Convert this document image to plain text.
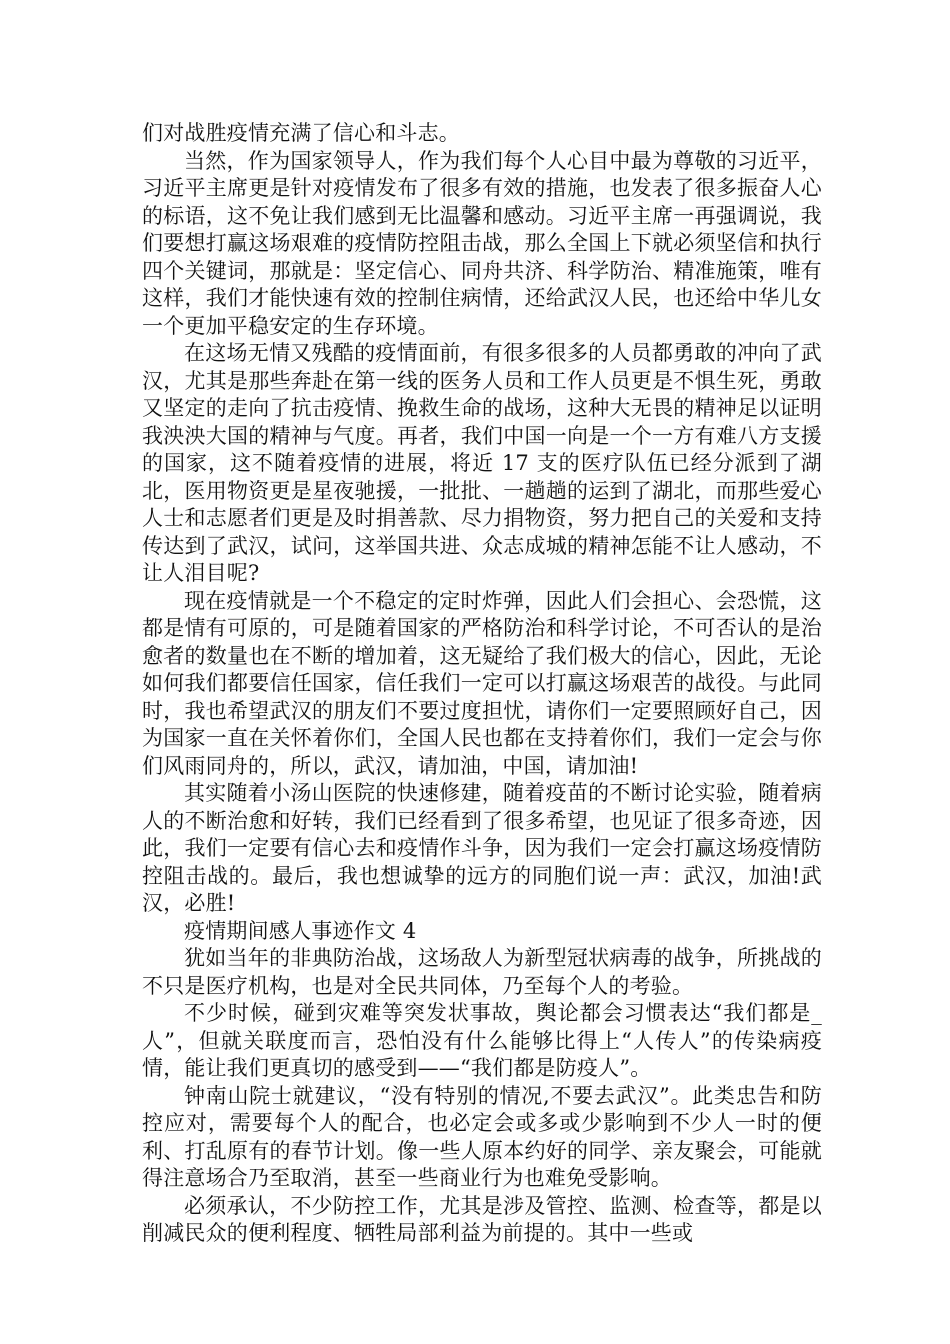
们对战胜疫情充满了信心和斗志。

当然，作为国家领导人，作为我们每个人心目中最为尊敬的习近平，习近平主席更是针对疫情发布了很多有效的措施，也发表了很多振奋人心的标语，这不免让我们感到无比温馨和感动。习近平主席一再强调说，我们要想打赢这场艰难的疫情防控阻击战，那么全国上下就必须坚信和执行四个关键词，那就是：坚定信心、同舟共济、科学防治、精准施策，唯有这样，我们才能快速有效的控制住病情，还给武汉人民，也还给中华儿女一个更加平稳安定的生存环境。

在这场无情又残酷的疫情面前，有很多很多的人员都勇敢的冲向了武汉，尤其是那些奔赴在第一线的医务人员和工作人员更是不惧生死，勇敢又坚定的走向了抗击疫情、挽救生命的战场，这种大无畏的精神足以证明我泱泱大国的精神与气度。再者，我们中国一向是一个一方有难八方支援的国家，这不随着疫情的进展，将近 17 支的医疗队伍已经分派到了湖北，医用物资更是星夜驰援，一批批、一趟趟的运到了湖北，而那些爱心人士和志愿者们更是及时捐善款、尽力捐物资，努力把自己的关爱和支持传达到了武汉，试问，这举国共进、众志成城的精神怎能不让人感动，不让人泪目呢?

现在疫情就是一个不稳定的定时炸弹，因此人们会担心、会恐慌，这都是情有可原的，可是随着国家的严格防治和科学讨论，不可否认的是治愈者的数量也在不断的增加着，这无疑给了我们极大的信心，因此，无论如何我们都要信任国家，信任我们一定可以打赢这场艰苦的战役。与此同时，我也希望武汉的朋友们不要过度担忧，请你们一定要照顾好自己，因为国家一直在关怀着你们，全国人民也都在支持着你们，我们一定会与你们风雨同舟的，所以，武汉，请加油，中国，请加油!

其实随着小汤山医院的快速修建，随着疫苗的不断讨论实验，随着病人的不断治愈和好转，我们已经看到了很多希望，也见证了很多奇迹，因此，我们一定要有信心去和疫情作斗争，因为我们一定会打赢这场疫情防控阻击战的。最后，我也想诚挚的远方的同胞们说一声：武汉，加油!武汉，必胜!

疫情期间感人事迹作文 4

犹如当年的非典防治战，这场敌人为新型冠状病毒的战争，所挑战的不只是医疗机构，也是对全民共同体，乃至每个人的考验。

不少时候，碰到灾难等突发状事故，舆论都会习惯表达“我们都是_人”，但就关联度而言，恐怕没有什么能够比得上“人传人”的传染病疫情，能让我们更真切的感受到——“我们都是防疫人”。

钟南山院士就建议，“没有特别的情况,不要去武汉”。此类忠告和防控应对，需要每个人的配合，也必定会或多或少影响到不少人一时的便利、打乱原有的春节计划。像一些人原本约好的同学、亲友聚会，可能就得注意场合乃至取消，甚至一些商业行为也难免受影响。

必须承认，不少防控工作，尤其是涉及管控、监测、检查等，都是以削减民众的便利程度、牺牲局部利益为前提的。其中一些或
